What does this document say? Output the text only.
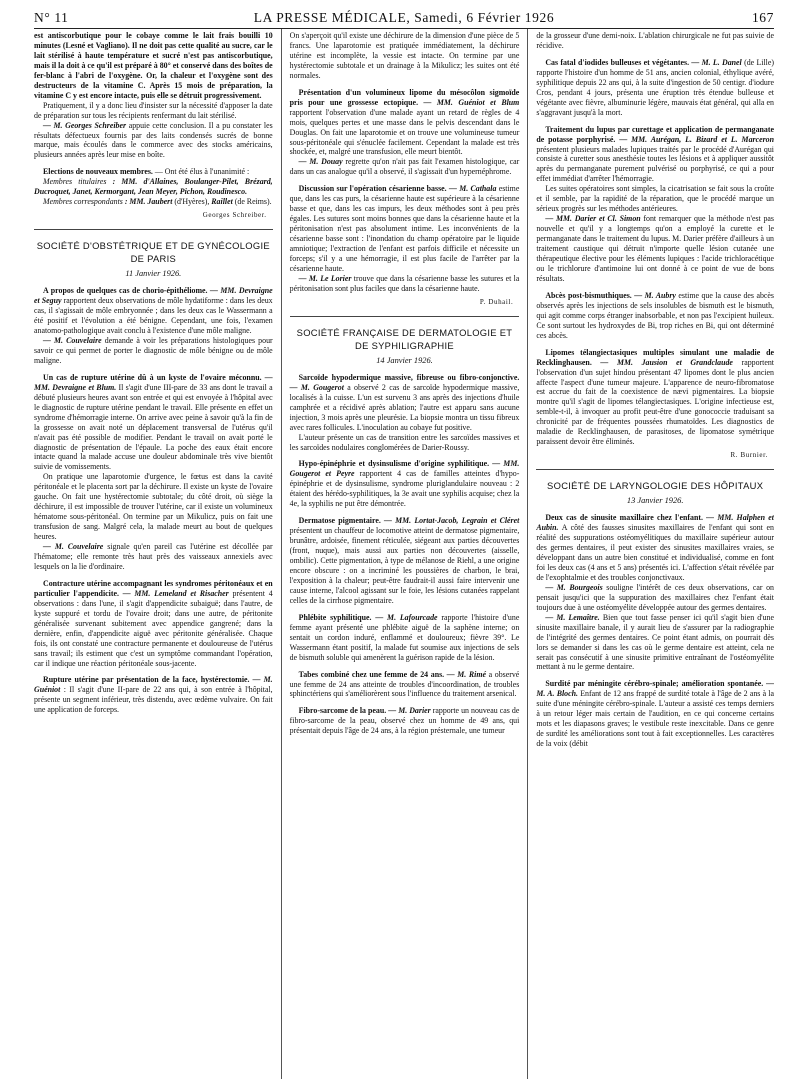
N° 11	LA PRESSE MÉDICALE, Samedi, 6 Février 1926	167

est antiscorbutique pour le cobaye comme le lait frais bouilli 10 minutes (Lesné et Vagliano). Il ne doit pas cette qualité au sucre, car le lait stérilisé à haute température et sucré n'est pas antiscorbutique, mais il la doit à ce qu'il est préparé à 80° et conservé dans des boîtes de fer-blanc à l'abri de l'oxygène. Or, la chaleur et l'oxygène sont des destructeurs de la vitamine C. Après 15 mois de préparation, la vitamine C y est encore intacte, puis elle se détruit progressivement.

Pratiquement, il y a donc lieu d'insister sur la nécessité d'apposer la date de préparation sur tous les récipients renfermant du lait stérilisé.

— M. Georges Schreiber appuie cette conclusion. Il a pu constater les résultats défectueux fournis par des laits condensés sucrés de bonne marque, mais écoulés dans le commerce avec des stocks américains, plusieurs années après leur mise en boîte.

Elections de nouveaux membres. — Ont été élus à l'unanimité :

Membres titulaires : MM. d'Allaines, Boulanger-Pilet, Brézard, Ducroquet, Janet, Kermorgant, Jean Meyer, Pichon, Roudinesco.

Membres correspondants : MM. Jaubert (d'Hyères), Raillet (de Reims).

Georges Schreiber.
SOCIÉTÉ D'OBSTÉTRIQUE ET DE GYNÉCOLOGIE DE PARIS
11 Janvier 1926.

A propos de quelques cas de chorio-épithéliome. — MM. Devraigne et Seguy rapportent deux observations de môle hydatiforme : dans les deux cas, il s'agissait de môle embryonnée ; dans les deux cas le Wassermann a été positif et l'évolution a été bénigne. Cependant, une fois, l'examen anatomo-pathologique avait conclu à l'existence d'une môle maligne.

— M. Couvelaire demande à voir les préparations histologiques pour savoir ce qui permet de porter le diagnostic de môle bénigne ou de môle maligne.

Un cas de rupture utérine dû à un kyste de l'ovaire méconnu. — MM. Devraigne et Blum. Il s'agit d'une III-pare de 33 ans dont le travail a débuté plusieurs heures avant son entrée et qui est envoyée à l'hôpital avec le diagnostic de rupture utérine pendant le travail. Elle présente en effet un syndrome d'hémorragie interne. On arrive avec peine à savoir qu'à la fin de la grossesse on avait noté un déplacement transversal de l'utérus qu'il n'avait pas été possible de modifier. Pendant le travail on avait porté le diagnostic de présentation de l'épaule. La poche des eaux était encore intacte quand la malade accuse une douleur abdominale très vive bientôt suivie de vomissements.

On pratique une laparotomie d'urgence, le fœtus est dans la cavité péritonéale et le placenta sort par la déchirure. Il existe un kyste de l'ovaire gauche. On fait une hystérectomie subtotale; du côté droit, où siège la déchirure, il est impossible de trouver l'utérine, car il existe un volumineux hématome sous-péritonéal. On termine par un Mikulicz, puis on fait une transfusion de sang. Malgré cela, la malade meurt au bout de quelques heures.

— M. Couvelaire signale qu'en pareil cas l'utérine est décollée par l'hématome; elle remonte très haut près des vaisseaux annexiels avec lesquels on la lie d'ordinaire.

Contracture utérine accompagnant les syndromes péritonéaux et en particulier l'appendicite. — MM. Lemeland et Risacher présentent 4 observations : dans l'une, il s'agit d'appendicite subaiguë; dans l'autre, de kyste suppuré et tordu de l'ovaire droit; dans une autre, de péritonite généralisée survenant subitement avec appendice gangrené; dans la dernière, enfin, d'appendicite aiguë avec péritonite généralisée. Chaque fois, ils ont constaté une contracture permanente et douloureuse de l'utérus sans travail; ils estiment que c'est un symptôme commandant l'opération, car il indique une réaction péritonéale sous-jacente.

Rupture utérine par présentation de la face, hystérectomie. — M. Guéniot : Il s'agit d'une II-pare de 22 ans qui, à son entrée à l'hôpital, présente un segment inférieur, très distendu, avec œdème vulvaire. On fait une application de forceps.

On s'aperçoit qu'il existe une déchirure de la dimension d'une pièce de 5 francs. Une laparotomie est pratiquée immédiatement, la déchirure utérine est incomplète, la vessie est intacte. On termine par une hystérectomie subtotale et un drainage à la Mikulicz; les suites ont été normales.

Présentation d'un volumineux lipome du mésocôlon sigmoïde pris pour une grossesse ectopique. — MM. Guéniot et Blum rapportent l'observation d'une malade ayant un retard de règles de 4 mois, quelques pertes et une masse dans le pelvis descendant dans le Douglas. On fait une laparotomie et on trouve une volumineuse tumeur sous-péritonéale qui s'énuclée facilement. Cependant la malade est très shockée, et, malgré une transfusion, elle meurt bientôt.

— M. Douay regrette qu'on n'ait pas fait l'examen histologique, car dans un cas analogue qu'il a observé, il s'agissait d'un hypernéphrome.

Discussion sur l'opération césarienne basse. — M. Cathala estime que, dans les cas purs, la césarienne haute est supérieure à la césarienne basse et que, dans les cas impurs, les deux méthodes sont à peu près égales. Les sutures sont moins bonnes que dans la césarienne haute et la péritonisation n'est pas absolument intime. Les inconvénients de la césarienne basse sont : l'inondation du champ opératoire par le liquide amniotique; l'extraction de l'enfant est parfois difficile et nécessite un forceps; s'il y a une hémorragie, il est plus facile de l'arrêter par la césarienne haute.

— M. Le Lorier trouve que dans la césarienne basse les sutures et la péritonisation sont plus faciles que dans la césarienne haute.

P. Duhail.
SOCIÉTÉ FRANÇAISE DE DERMATOLOGIE ET DE SYPHILIGRAPHIE
14 Janvier 1926.

Sarcoïde hypodermique massive, fibreuse ou fibro-conjonctive. — M. Gougerot a observé 2 cas de sarcoïde hypodermique massive, localisés à la cuisse. L'un est survenu 3 ans après des injections d'huile camphrée et a récidivé après ablation; l'autre est apparu sans aucune injection, 3 mois après une pleurésie. La biopsie montra un tissu fibreux avec rares follicules. L'inoculation au cobaye fut positive.

L'auteur présente un cas de transition entre les sarcoïdes massives et les sarcoïdes nodulaires conglomérées de Darier-Roussy.

Hypo-épinéphrie et dysinsulisme d'origine syphilitique. — MM. Gougerot et Peyre rapportent 4 cas de familles atteintes d'hypo-épinéphrie et de dysinsulisme, syndrome pluriglandulaire nouveau : 2 étaient des hérédo-syphilitiques, la 3e avait une syphilis acquise; chez la 4e, la syphilis ne put être démontrée.

Dermatose pigmentaire. — MM. Lortat-Jacob, Legrain et Cléret présentent un chauffeur de locomotive atteint de dermatose pigmentaire, brunâtre, ardoisée, finement réticulée, siégeant aux parties découvertes (front, nuque), mais aussi aux parties non découvertes (aisselle, ombilic). Cette pigmentation, à type de mélanose de Riehl, a une origine encore obscure : on a incriminé les poussières de charbon, le brai, l'exposition à la chaleur; peut-être faudrait-il aussi faire intervenir une cause interne, l'alcool agissant sur le foie, les lésions cutanées rappelant celles de la cirrhose pigmentaire.

Phlébite syphilitique. — M. Lafourcade rapporte l'histoire d'une femme ayant présenté une phlébite aiguë de la saphène interne; on sentait un cordon induré, enflammé et douloureux; fièvre 39°. Le Wassermann étant positif, la malade fut soumise aux injections de sels de bismuth soluble qui amenèrent la guérison rapide de la lésion.

Tabes combiné chez une femme de 24 ans. — M. Rimé a observé une femme de 24 ans atteinte de troubles d'incoordination, de troubles sphinctériens qui s'améliorèrent sous l'influence du traitement arsenical.

Fibro-sarcome de la peau. — M. Darier rapporte un nouveau cas de fibro-sarcome de la peau, observé chez un homme de 49 ans, qui présentait depuis l'âge de 24 ans, à la région présternale, une tumeur

de la grosseur d'une demi-noix. L'ablation chirurgicale ne fut pas suivie de récidive.

Cas fatal d'iodides bulleuses et végétantes. — M. L. Danel (de Lille) rapporte l'histoire d'un homme de 51 ans, ancien colonial, éthylique avéré, syphilitique depuis 22 ans qui, à la suite d'ingestion de 50 centigr. d'iodure Cros, pendant 4 jours, présenta une éruption très étendue bulleuse et végétante avec fièvre, albuminurie légère, mauvais état général, qui alla en s'aggravant jusqu'à la mort.

Traitement du lupus par curettage et application de permanganate de potasse porphyrisé. — MM. Aurégan, L. Bizard et L. Marceron présentent plusieurs malades lupiques traités par le procédé d'Aurégan qui consiste à curetter sous anesthésie toutes les lésions et à appliquer aussitôt après du permanganate purement pulvérisé ou porphyrisé, ce qui a pour effet immédiat d'arrêter l'hémorragie.

Les suites opératoires sont simples, la cicatrisation se fait sous la croûte et il semble, par la rapidité de la réparation, que le procédé marque un sérieux progrès sur les méthodes antérieures.

— MM. Darier et Cl. Simon font remarquer que la méthode n'est pas nouvelle et qu'il y a longtemps qu'on a employé la curette et le permanganate dans le traitement du lupus. M. Darier préfère d'ailleurs à un traitement caustique qui détruit n'importe quelle lésion cutanée une thérapeutique élective pour les éléments lupiques : l'acide trichloracétique ou le trichlorure d'antimoine lui ont donné à ce point de vue de bons résultats.

Abcès post-bismuthiques. — M. Aubry estime que la cause des abcès observés après les injections de sels insolubles de bismuth est le bismuth, qui agit comme corps étranger inabsorbable, et non pas l'excipient huileux. Ce sont surtout les hydroxydes de Bi, trop riches en Bi, qui ont déterminé ces abcès.

Lipomes télangiectasiques multiples simulant une maladie de Recklinghausen. — MM. Jausion et Grandclaude rapportent l'observation d'un sujet hindou présentant 47 lipomes dont le plus ancien affecte l'aspect d'une tumeur majeure. L'apparence de neuro-fibromatose est accrue du fait de la coexistence de nævi pigmentaires. La biopsie montre qu'il s'agit de lipomes télangiectasiques. L'origine infectieuse est, semble-t-il, à invoquer au profit peut-être d'une gonococcie traduisant sa chronicité par de fréquentes poussées rhumatoïdes. Les diagnostics de maladie de Recklinghausen, de parasitoses, de lipomatose symétrique paraissent devoir être éliminés.

R. Burnier.
SOCIÉTÉ DE LARYNGOLOGIE DES HÔPITAUX
13 Janvier 1926.

Deux cas de sinusite maxillaire chez l'enfant. — MM. Halphen et Aubin. A côté des fausses sinusites maxillaires de l'enfant qui sont en réalité des suppurations ostéomyélitiques du maxillaire supérieur autour des germes dentaires, il peut exister des sinusites maxillaires vraies, se développant dans un autre bien constitué et individualisé, comme en font foi les deux cas (4 ans et 5 ans) présentés ici. L'affection s'était révélée par de l'exophtalmie et des troubles conjonctivaux.

— M. Bourgeois souligne l'intérêt de ces deux observations, car on pensait jusqu'ici que la suppuration des maxillaires chez l'enfant était toujours due à une ostéomyélite développée autour des germes dentaires.

— M. Lemaître. Bien que tout fasse penser ici qu'il s'agit bien d'une sinusite maxillaire banale, il y aurait lieu de s'assurer par la radiographie de l'intégrité des germes dentaires. Ce point étant admis, on pourrait dès lors se demander si dans les cas où le germe dentaire est atteint, cela ne serait pas consécutif à une sinusite primitive entraînant de l'ostéomyélite mettant à nu le germe dentaire.

Surdité par méningite cérébro-spinale; amélioration spontanée. — M. A. Bloch. Enfant de 12 ans frappé de surdité totale à l'âge de 2 ans à la suite d'une méningite cérébro-spinale. L'auteur a assisté ces temps derniers à un retour léger mais certain de l'audition, en ce qui concerne certains mots et les diapasons graves; le vestibule reste inexcitable. Dans ce genre de surdité les améliorations sont tout à fait exceptionnelles. Les caractères de la voix (débit
